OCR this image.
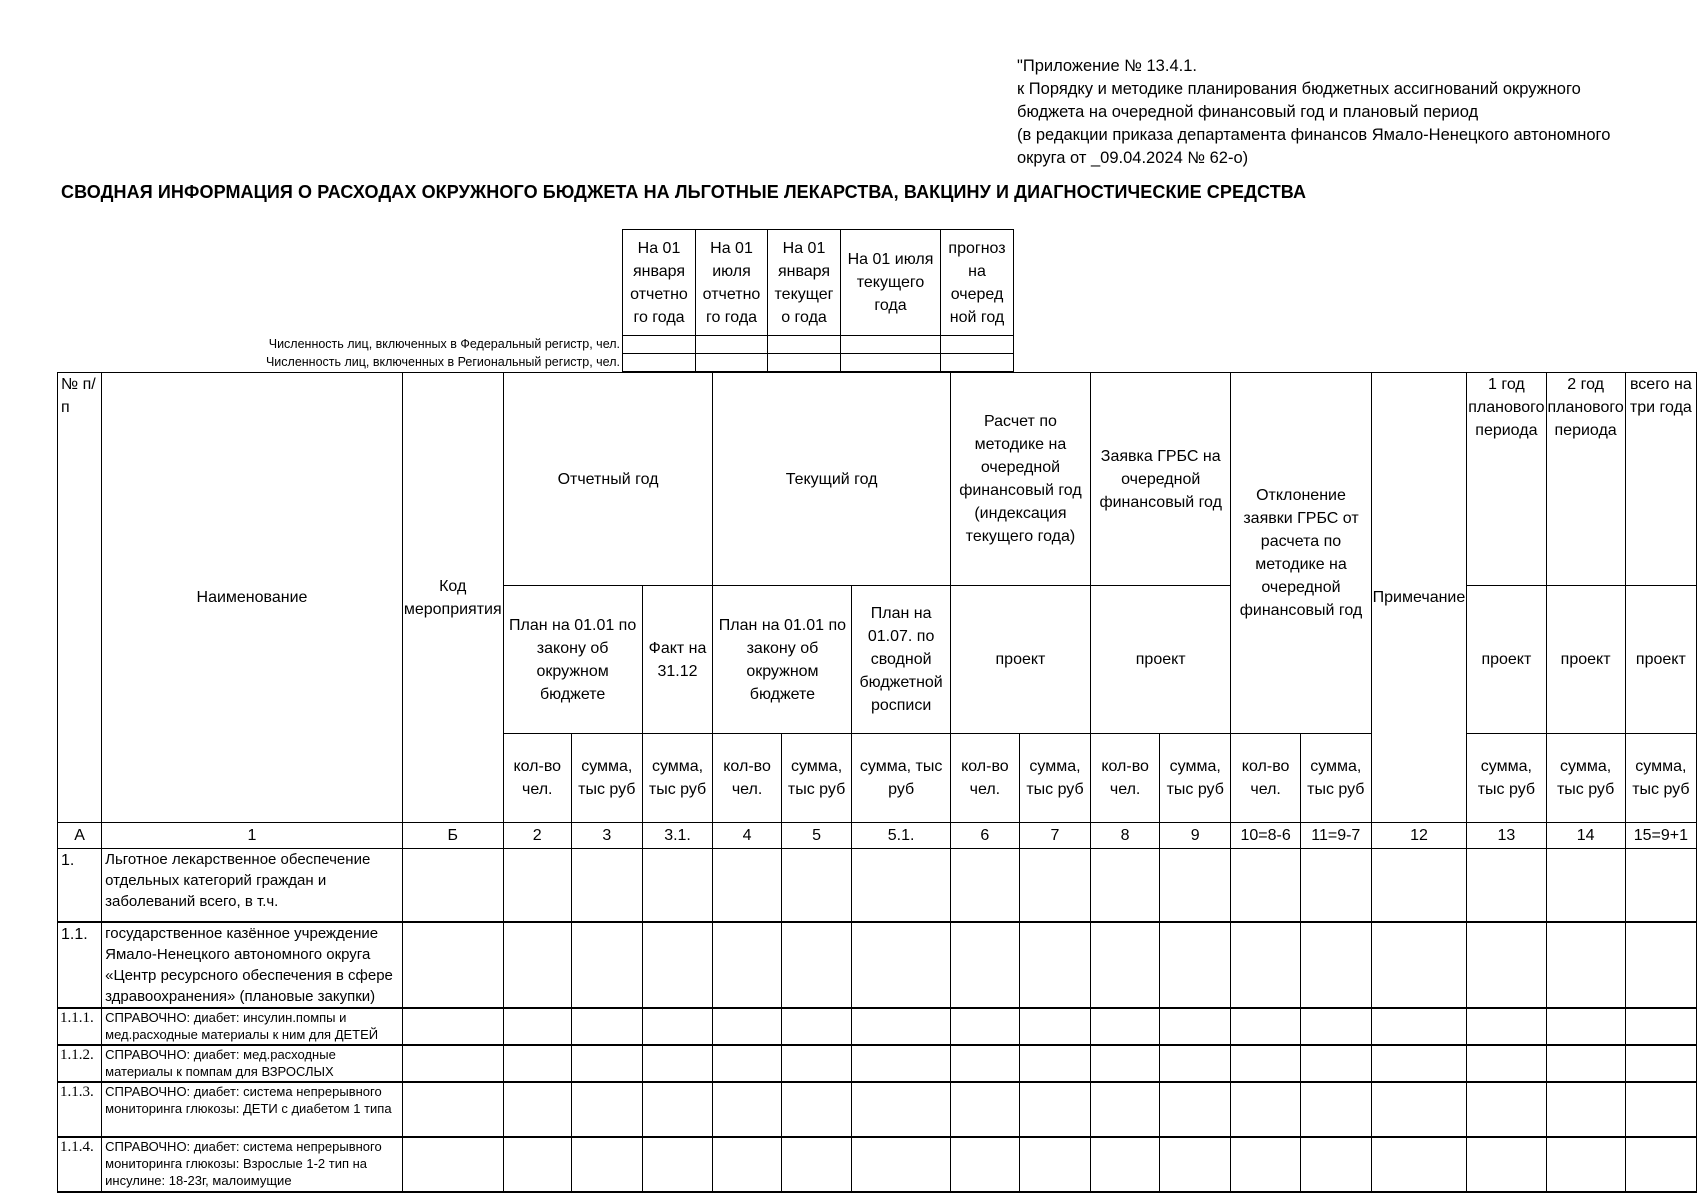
"Приложение № 13.4.1.
к Порядку и методике планирования бюджетных ассигнований окружного
бюджета на очередной финансовый год и плановый период
(в редакции приказа департамента финансов Ямало-Ненецкого автономного
округа от _09.04.2024 № 62-о)
СВОДНАЯ ИНФОРМАЦИЯ О РАСХОДАХ ОКРУЖНОГО БЮДЖЕТА НА ЛЬГОТНЫЕ ЛЕКАРСТВА, ВАКЦИНУ И ДИАГНОСТИЧЕСКИЕ СРЕДСТВА
Численность лиц, включенных в Федеральный регистр, чел.
Численность лиц, включенных в Региональный регистр, чел.
На 01 января отчетно го года	На 01 июля отчетно го года	На 01 января текущег о года	На 01 июля текущего года	прогноз на очеред ной год

№ п/п	Наименование	Код мероприятия	Отчетный год			Текущий год			Расчет по методике на очередной финансовый год (индексация текущего года)		Заявка ГРБС на очередной финансовый год		Отклонение заявки ГРБС от расчета по методике на очередной финансовый год		Примечание	1 год планового периода	2 год планового периода	всего на три года
			План на 01.01 по закону об окружном бюджете		Факт на 31.12	План на 01.01 по закону об окружном бюджете		План на 01.07. по сводной бюджетной росписи	проект		проект					проект	проект	проект
			кол-во чел.	сумма, тыс руб	сумма, тыс руб	кол-во чел.	сумма, тыс руб	сумма, тыс руб	кол-во чел.	сумма, тыс руб	кол-во чел.	сумма, тыс руб	кол-во чел.	сумма, тыс руб		сумма, тыс руб	сумма, тыс руб	сумма, тыс руб
А	1	Б	2	3	3.1.	4	5	5.1.	6	7	8	9	10=8-6	11=9-7	12	13	14	15=9+1
1.	Льготное лекарственное обеспечение отдельных категорий граждан и заболеваний всего, в т.ч.																	
1.1.	государственное казённое учреждение Ямало-Ненецкого автономного округа «Центр ресурсного обеспечения в сфере здравоохранения» (плановые закупки)																	
1.1.1.	СПРАВОЧНО: диабет: инсулин.помпы и мед.расходные материалы к ним для ДЕТЕЙ																	
1.1.2.	СПРАВОЧНО: диабет: мед.расходные материалы к помпам для ВЗРОСЛЫХ																	
1.1.3.	СПРАВОЧНО: диабет: система непрерывного мониторинга глюкозы: ДЕТИ с диабетом 1 типа																	
1.1.4.	СПРАВОЧНО: диабет: система непрерывного мониторинга глюкозы: Взрослые 1-2 тип на инсулине: 18-23г, малоимущие																	
